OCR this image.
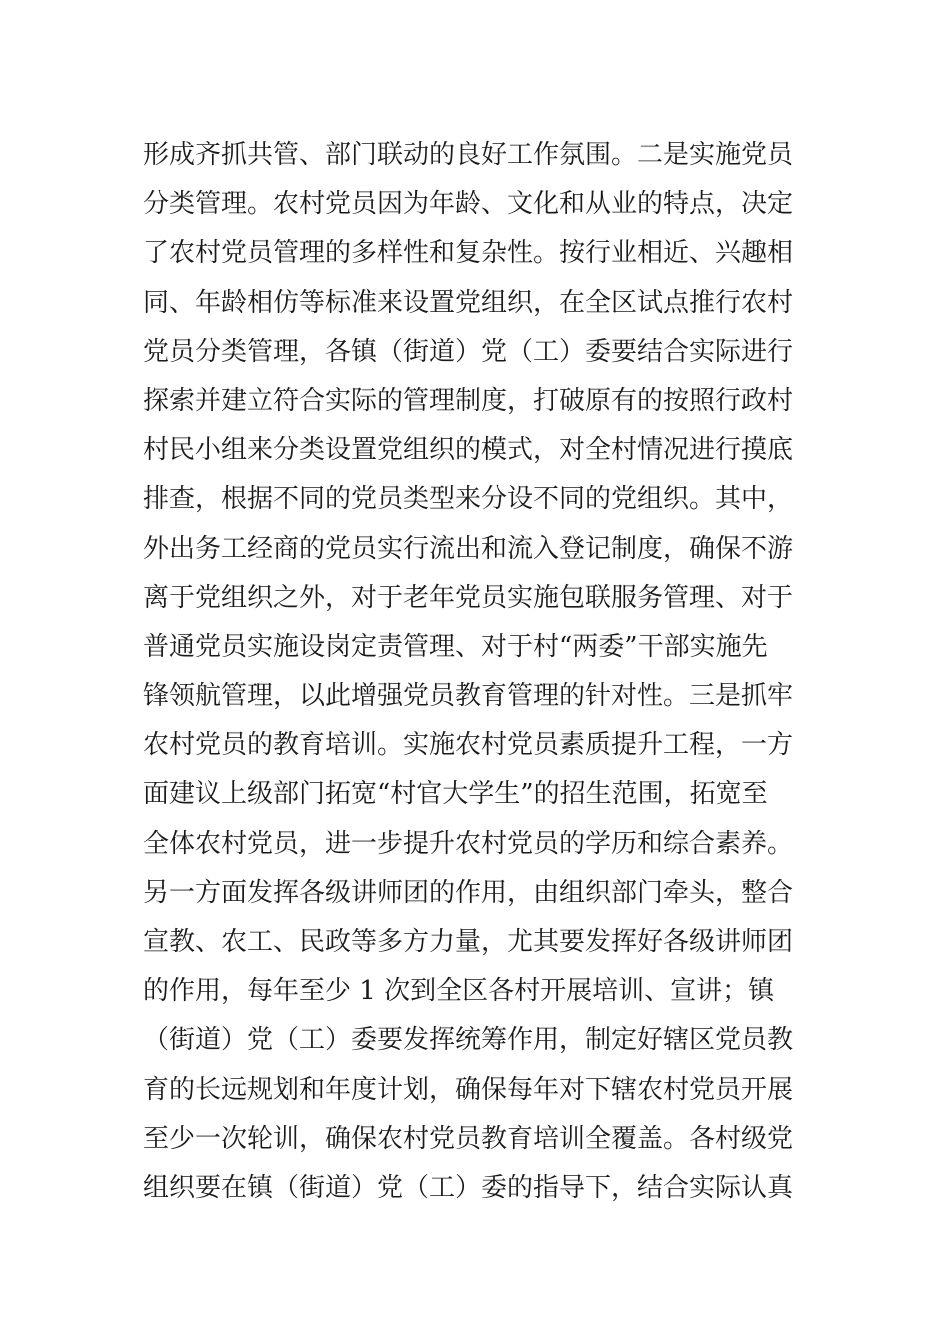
形成齐抓共管、部门联动的良好工作氛围。二是实施党员
分类管理。农村党员因为年龄、文化和从业的特点，决定
了农村党员管理的多样性和复杂性。按行业相近、兴趣相
同、年龄相仿等标准来设置党组织，在全区试点推行农村
党员分类管理，各镇（街道）党（工）委要结合实际进行
探索并建立符合实际的管理制度，打破原有的按照行政村
村民小组来分类设置党组织的模式，对全村情况进行摸底
排查，根据不同的党员类型来分设不同的党组织。其中，
外出务工经商的党员实行流出和流入登记制度，确保不游
离于党组织之外，对于老年党员实施包联服务管理、对于
普通党员实施设岗定责管理、对于村“两委”干部实施先
锋领航管理，以此增强党员教育管理的针对性。三是抓牢
农村党员的教育培训。实施农村党员素质提升工程，一方
面建议上级部门拓宽“村官大学生”的招生范围，拓宽至
全体农村党员，进一步提升农村党员的学历和综合素养。
另一方面发挥各级讲师团的作用，由组织部门牵头，整合
宣教、农工、民政等多方力量，尤其要发挥好各级讲师团
的作用，每年至少 1 次到全区各村开展培训、宣讲；镇
（街道）党（工）委要发挥统筹作用，制定好辖区党员教
育的长远规划和年度计划，确保每年对下辖农村党员开展
至少一次轮训，确保农村党员教育培训全覆盖。各村级党
组织要在镇（街道）党（工）委的指导下，结合实际认真
